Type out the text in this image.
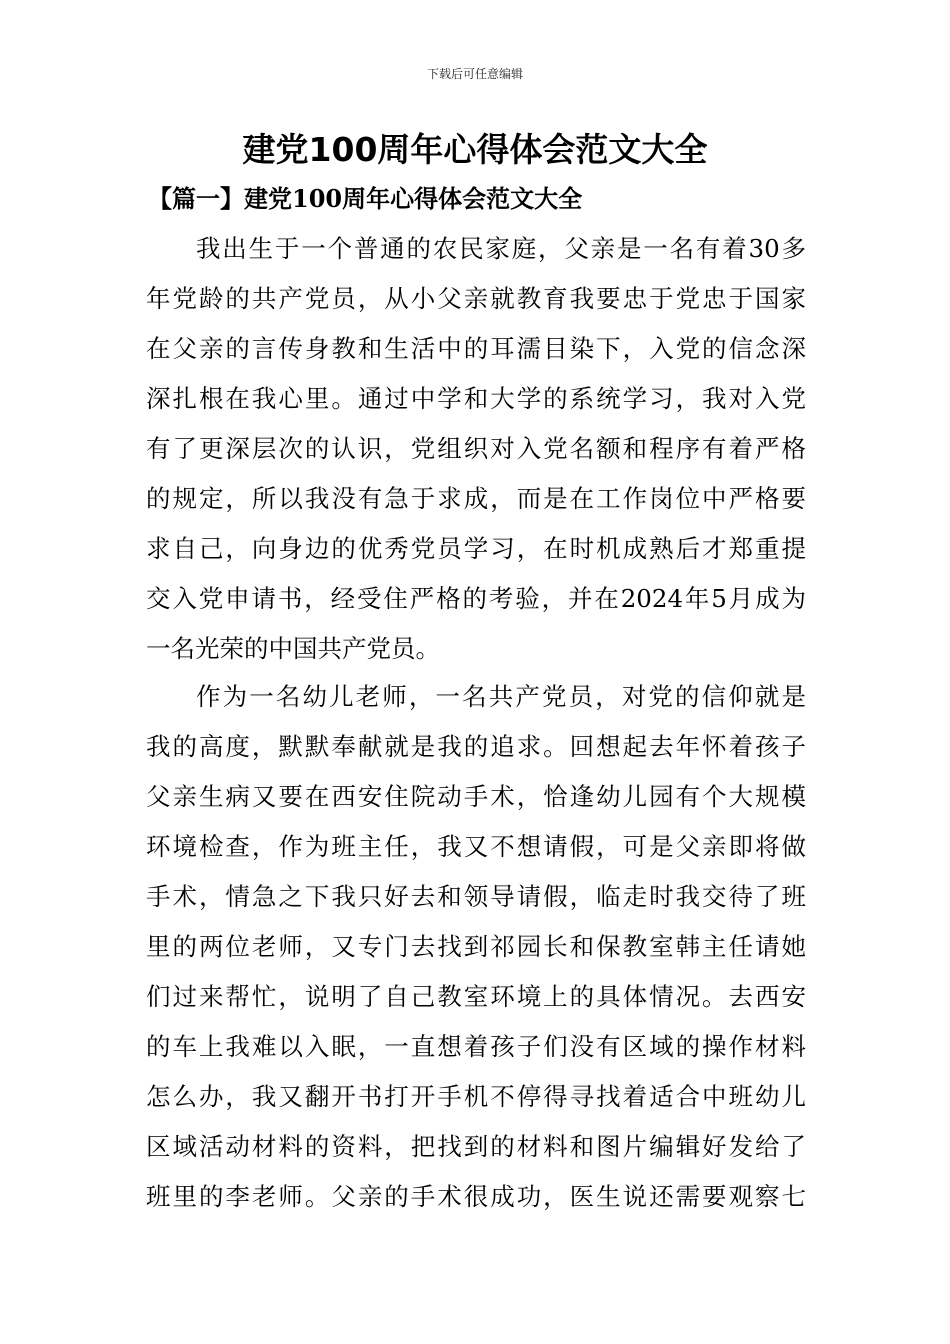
下载后可任意编辑
建党100周年心得体会范文大全
【篇一】建党100周年心得体会范文大全
我出生于一个普通的农民家庭，父亲是一名有着30多
年党龄的共产党员，从小父亲就教育我要忠于党忠于国家
在父亲的言传身教和生活中的耳濡目染下，入党的信念深
深扎根在我心里。通过中学和大学的系统学习，我对入党
有了更深层次的认识，党组织对入党名额和程序有着严格
的规定，所以我没有急于求成，而是在工作岗位中严格要
求自己，向身边的优秀党员学习，在时机成熟后才郑重提
交入党申请书，经受住严格的考验，并在2024年5月成为
一名光荣的中国共产党员。
作为一名幼儿老师，一名共产党员，对党的信仰就是
我的高度，默默奉献就是我的追求。回想起去年怀着孩子
父亲生病又要在西安住院动手术，恰逢幼儿园有个大规模
环境检查，作为班主任，我又不想请假，可是父亲即将做
手术，情急之下我只好去和领导请假，临走时我交待了班
里的两位老师，又专门去找到祁园长和保教室韩主任请她
们过来帮忙，说明了自己教室环境上的具体情况。去西安
的车上我难以入眠，一直想着孩子们没有区域的操作材料
怎么办，我又翻开书打开手机不停得寻找着适合中班幼儿
区域活动材料的资料，把找到的材料和图片编辑好发给了
班里的李老师。父亲的手术很成功，医生说还需要观察七
